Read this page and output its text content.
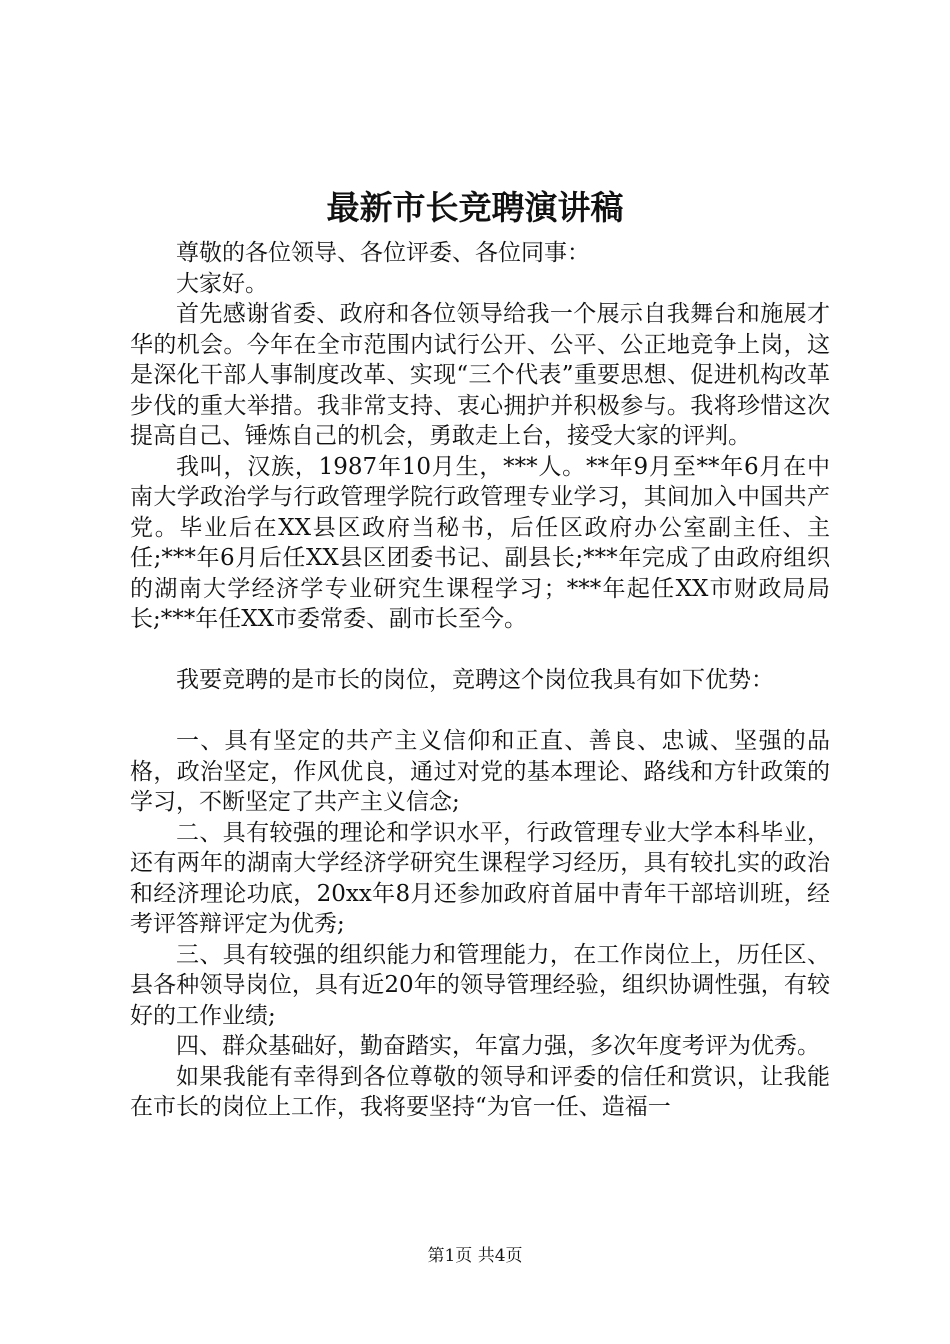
最新市长竞聘演讲稿

尊敬的各位领导、各位评委、各位同事：

大家好。

首先感谢省委、政府和各位领导给我一个展示自我舞台和施展才华的机会。今年在全市范围内试行公开、公平、公正地竞争上岗，这是深化干部人事制度改革、实现“三个代表”重要思想、促进机构改革步伐的重大举措。我非常支持、衷心拥护并积极参与。我将珍惜这次提高自己、锤炼自己的机会，勇敢走上台，接受大家的评判。

我叫，汉族，1987年10月生，***人。**年9月至**年6月在中南大学政治学与行政管理学院行政管理专业学习，其间加入中国共产党。毕业后在XX县区政府当秘书，后任区政府办公室副主任、主任;***年6月后任XX县区团委书记、副县长;***年完成了由政府组织的湖南大学经济学专业研究生课程学习；***年起任XX市财政局局长;***年任XX市委常委、副市长至今。

我要竞聘的是市长的岗位，竞聘这个岗位我具有如下优势：

一、具有坚定的共产主义信仰和正直、善良、忠诚、坚强的品格，政治坚定，作风优良，通过对党的基本理论、路线和方针政策的学习，不断坚定了共产主义信念;

二、具有较强的理论和学识水平，行政管理专业大学本科毕业，还有两年的湖南大学经济学研究生课程学习经历，具有较扎实的政治和经济理论功底，20xx年8月还参加政府首届中青年干部培训班，经考评答辩评定为优秀;

三、具有较强的组织能力和管理能力，在工作岗位上，历任区、县各种领导岗位，具有近20年的领导管理经验，组织协调性强，有较好的工作业绩;

四、群众基础好，勤奋踏实，年富力强，多次年度考评为优秀。

如果我能有幸得到各位尊敬的领导和评委的信任和赏识，让我能在市长的岗位上工作，我将要坚持“为官一任、造福一

第1页 共4页
